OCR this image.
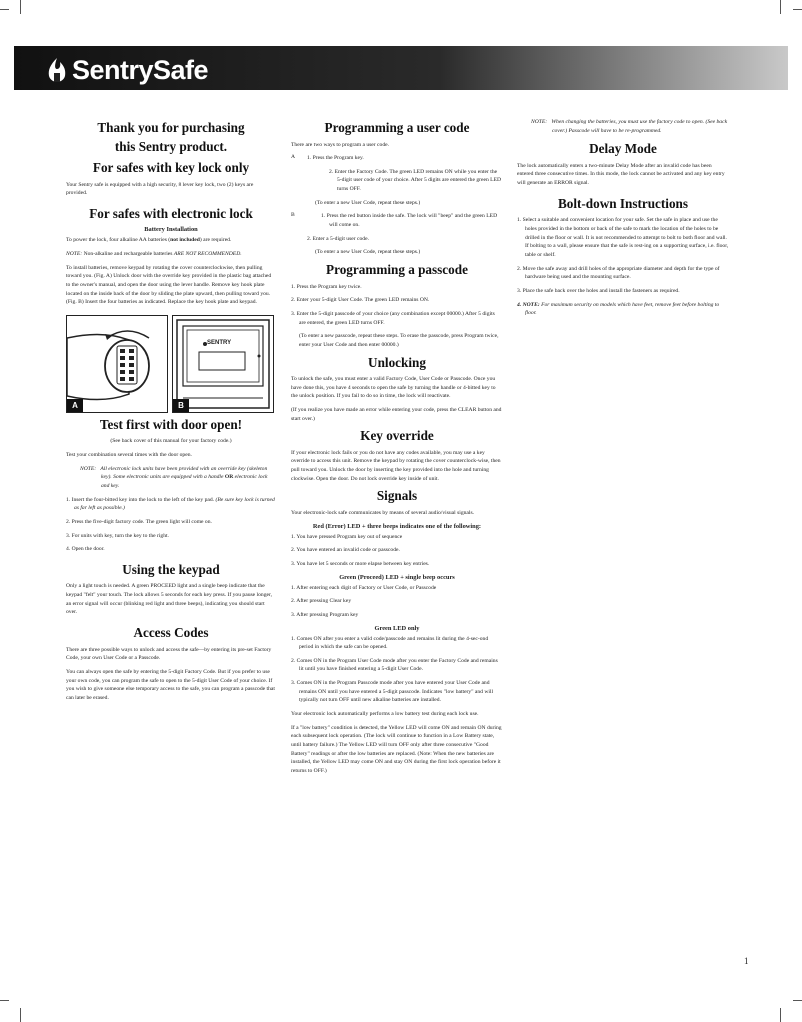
SentrySafe
Thank you for purchasing
this Sentry product.
For safes with key lock only

Your Sentry safe is equipped with a high security, 8 lever key lock, two (2) keys are provided.

For safes with electronic lock
Battery Installation

To power the lock, four alkaline AA batteries (not included) are required.

NOTE: Non-alkaline and rechargeable batteries ARE NOT RECOMMENDED.

To install batteries, remove keypad by rotating the cover counterclockwise, then pulling toward you. (Fig. A) Unlock door with the override key provided in the plastic bag attached to the owner's manual, and open the door using the lever handle. Remove key hook plate located on the inside back of the door by sliding the plate upward, then pulling toward you. (Fig. B) Insert the four batteries as indicated. Replace the key hook plate and keypad.

A
SENTRY
B
Test first with door open!

(See back cover of this manual for your factory code.)

Test your combination several times with the door open.

NOTE: All electronic lock units have been provided with an override key (skeleton key). Some electronic units are equipped with a handle OR electronic lock and key.

1. Insert the four-bitted key into the lock to the left of the key pad. (Be sure key lock is turned as far left as possible.)

2. Press the five-digit factory code. The green light will come on.

3. For units with key, turn the key to the right.

4. Open the door.

Using the keypad

Only a light touch is needed. A green PROCEED light and a single beep indicate that the keypad "felt" your touch. The lock allows 5 seconds for each key press. If you pause longer, an error signal will occur (blinking red light and three beeps), indicating you should start over.

Access Codes

There are three possible ways to unlock and access the safe—by entering its pre-set Factory Code, your own User Code or a Passcode.

You can always open the safe by entering the 5-digit Factory Code. But if you prefer to use your own code, you can program the safe to open to the 5-digit User Code of your choice. If you wish to give someone else temporary access to the safe, you can program a passcode that can later be erased.

Programming a user code

There are two ways to program a user code.

A 1. Press the Program key.

2. Enter the Factory Code. The green LED remains ON while you enter the 5-digit user code of your choice. After 5 digits are entered the green LED turns OFF.

(To enter a new User Code, repeat these steps.)

B	1. Press the red button inside the safe. The lock will "beep" and the green LED will come on.

2. Enter a 5-digit user code.

(To enter a new User Code, repeat these steps.)

Programming a passcode

1. Press the Program key twice.

2. Enter your 5-digit User Code. The green LED remains ON.

3. Enter the 5-digit passcode of your choice (any combination except 00000.) After 5 digits are entered, the green LED turns OFF.

(To enter a new passcode, repeat these steps. To erase the passcode, press Program twice, enter your User Code and then enter 00000.)

Unlocking

To unlock the safe, you must enter a valid Factory Code, User Code or Passcode. Once you have done this, you have 4 seconds to open the safe by turning the handle or 4-bitted key to the unlock position. If you fail to do so in time, the lock will reactivate.

(If you realize you have made an error while entering your code, press the CLEAR button and start over.)

Key override

If your electronic lock fails or you do not have any codes available, you may use a key override to access this unit. Remove the keypad by rotating the cover counterclock-wise, then pull toward you. Unlock the door by inserting the key provided into the hole and turning clockwise. Open the door. Do not lock override key inside of unit.

Signals

Your electronic-lock safe communicates by means of several audio/visual signals.

Red (Error) LED + three beeps indicates one of the following:

1. You have pressed Program key out of sequence

2. You have entered an invalid code or passcode.

3. You have let 5 seconds or more elapse between key entries.

Green (Proceed) LED + single beep occurs

1. After entering each digit of Factory or User Code, or Passcode

2. After pressing Clear key

3. After pressing Program key

Green LED only

1. Comes ON after you enter a valid code/passcode and remains lit during the 4-sec-ond period in which the safe can be opened.

2. Comes ON in the Program User Code mode after you enter the Factory Code and remains lit until you have finished entering a 5-digit User Code.

3. Comes ON in the Program Passcode mode after you have entered your User Code and remains ON until you have entered a 5-digit passcode. Indicates "low battery" and will typically not turn OFF until new alkaline batteries are installed.

Your electronic lock automatically performs a low battery test during each lock use.

If a "low battery" condition is detected, the Yellow LED will come ON and remain ON during each subsequent lock operation. (The lock will continue to function in a Low Battery state, until battery failure.) The Yellow LED will turn OFF only after three consecutive "Good Battery" readings or after the low batteries are replaced. (Note: When the new batteries are installed, the Yellow LED may come ON and stay ON during the first lock operation before it returns to OFF.)

NOTE: When changing the batteries, you must use the factory code to open. (See back cover.) Passcode will have to be re-programmed.

Delay Mode

The lock automatically enters a two-minute Delay Mode after an invalid code has been entered three consecutive times. In this mode, the lock cannot be activated and any key entry will generate an ERROR signal.

Bolt-down Instructions

1. Select a suitable and convenient location for your safe. Set the safe in place and use the holes provided in the bottom or back of the safe to mark the location of the holes to be drilled in the floor or wall. It is not recommended to attempt to bolt to both floor and wall. If bolting to a wall, please ensure that the safe is rest-ing on a supporting surface, i.e. floor, table or shelf.

2. Move the safe away and drill holes of the appropriate diameter and depth for the type of hardware being used and the mounting surface.

3. Place the safe back over the holes and install the fasteners as required.

4. NOTE: For maximum security on models which have feet, remove feet before bolting to floor.

1
